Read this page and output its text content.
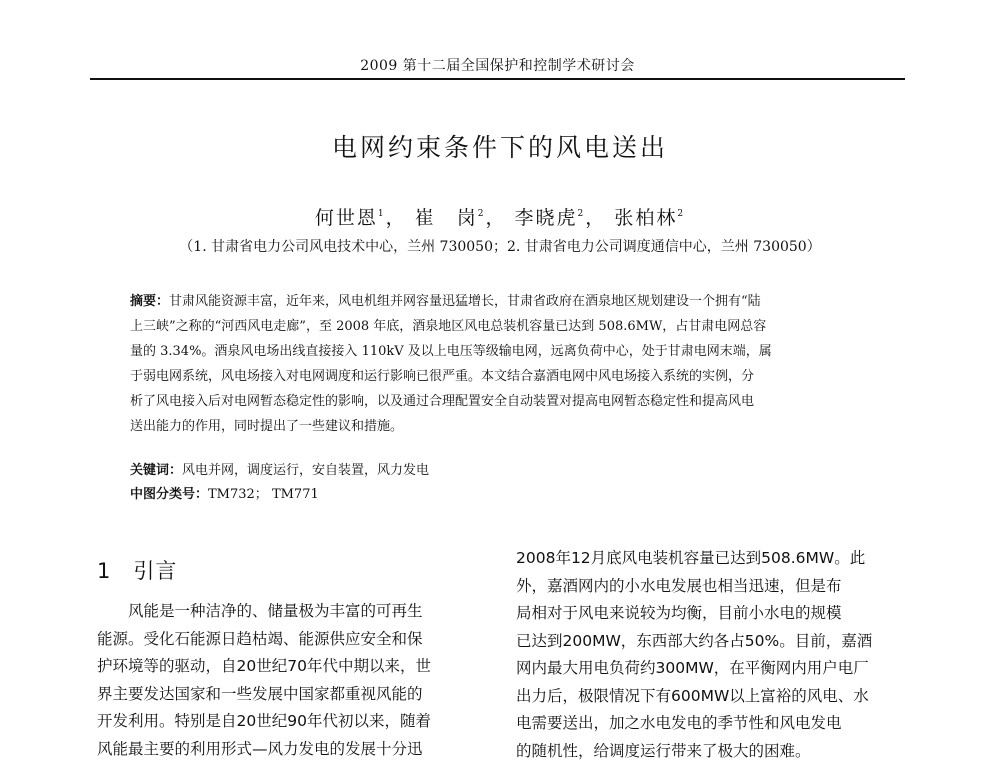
2009 第十二届全国保护和控制学术研讨会
电网约束条件下的风电送出
何世恩$^1$， 崔　岗$^2$， 李晓虎$^2$， 张柏林$^2$
（1. 甘肃省电力公司风电技术中心，兰州 730050；2. 甘肃省电力公司调度通信中心，兰州 730050）
摘要：甘肃风能资源丰富，近年来，风电机组并网容量迅猛增长，甘肃省政府在酒泉地区规划建设一个拥有“陆
上三峡”之称的“河西风电走廊”，至 2008 年底，酒泉地区风电总装机容量已达到 508.6MW，占甘肃电网总容
量的 3.34%。酒泉风电场出线直接接入 110kV 及以上电压等级输电网，远离负荷中心，处于甘肃电网末端，属
于弱电网系统，风电场接入对电网调度和运行影响已很严重。本文结合嘉酒电网中风电场接入系统的实例，分
析了风电接入后对电网暂态稳定性的影响，以及通过合理配置安全自动装置对提高电网暂态稳定性和提高风电
送出能力的作用，同时提出了一些建议和措施。
关键词：风电并网，调度运行，安自装置，风力发电
中图分类号：TM732； TM771
1 引言
　　风能是一种洁净的、储量极为丰富的可再生
能源。受化石能源日趋枯竭、能源供应安全和保
护环境等的驱动，自20世纪70年代中期以来，世
界主要发达国家和一些发展中国家都重视风能的
开发利用。特别是自20世纪90年代初以来，随着
风能最主要的利用形式—风力发电的发展十分迅
2008年12月底风电装机容量已达到508.6MW。此
外，嘉酒网内的小水电发展也相当迅速，但是布
局相对于风电来说较为均衡，目前小水电的规模
已达到200MW，东西部大约各占50%。目前，嘉酒
网内最大用电负荷约300MW，在平衡网内用户电厂
出力后，极限情况下有600MW以上富裕的风电、水
电需要送出，加之水电发电的季节性和风电发电
的随机性，给调度运行带来了极大的困难。
